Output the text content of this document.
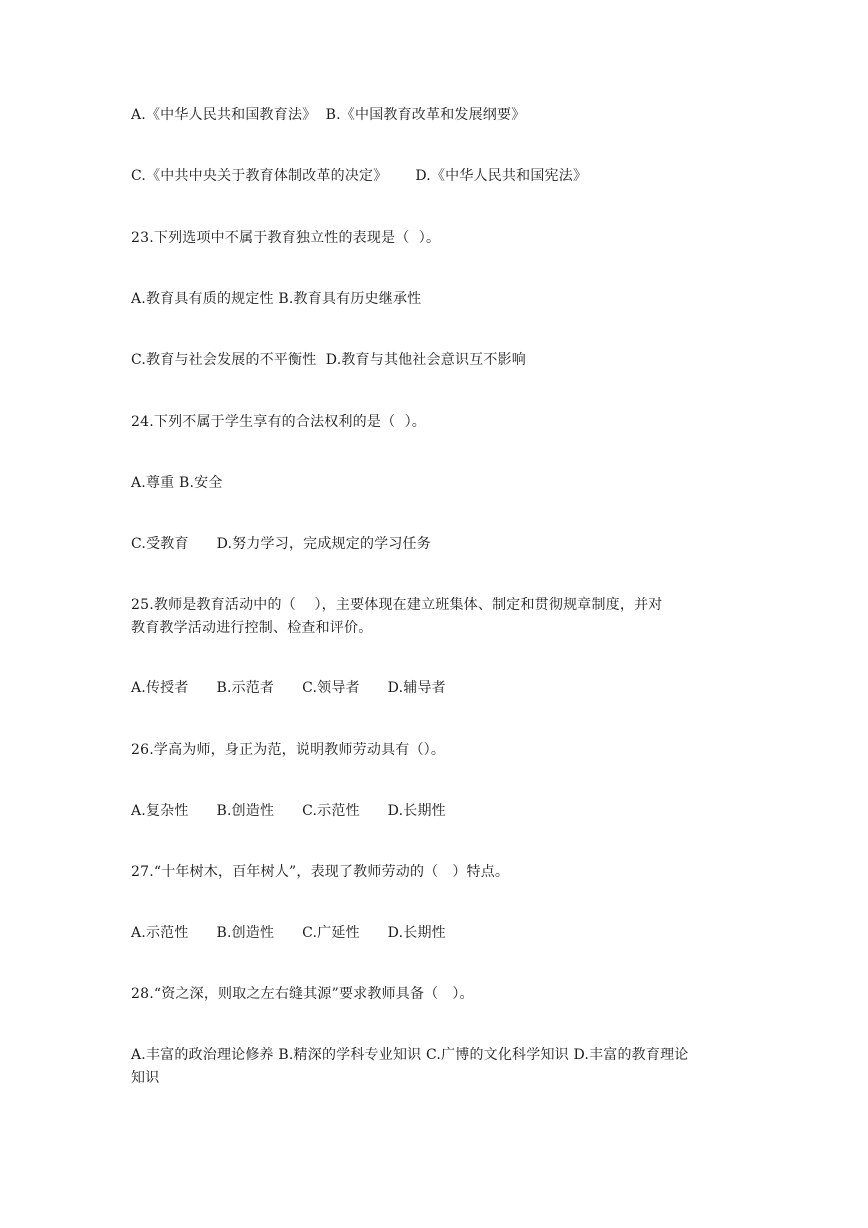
A.《中华人民共和国教育法》  B.《中国教育改革和发展纲要》
C.《中共中央关于教育体制改革的决定》      D.《中华人民共和国宪法》
23.下列选项中不属于教育独立性的表现是（  ）。
A.教育具有质的规定性 B.教育具有历史继承性
C.教育与社会发展的不平衡性  D.教育与其他社会意识互不影响
24.下列不属于学生享有的合法权利的是（  ）。
A.尊重 B.安全
C.受教育      D.努力学习，完成规定的学习任务
25.教师是教育活动中的（    ），主要体现在建立班集体、制定和贯彻规章制度，并对
教育教学活动进行控制、检查和评价。
A.传授者      B.示范者      C.领导者      D.辅导者
26.学高为师，身正为范，说明教师劳动具有（）。
A.复杂性      B.创造性      C.示范性      D.长期性
27.“十年树木，百年树人”，表现了教师劳动的（   ）特点。
A.示范性      B.创造性      C.广延性      D.长期性
28.“资之深，则取之左右缝其源”要求教师具备（   ）。
A.丰富的政治理论修养 B.精深的学科专业知识 C.广博的文化科学知识 D.丰富的教育理论
知识
